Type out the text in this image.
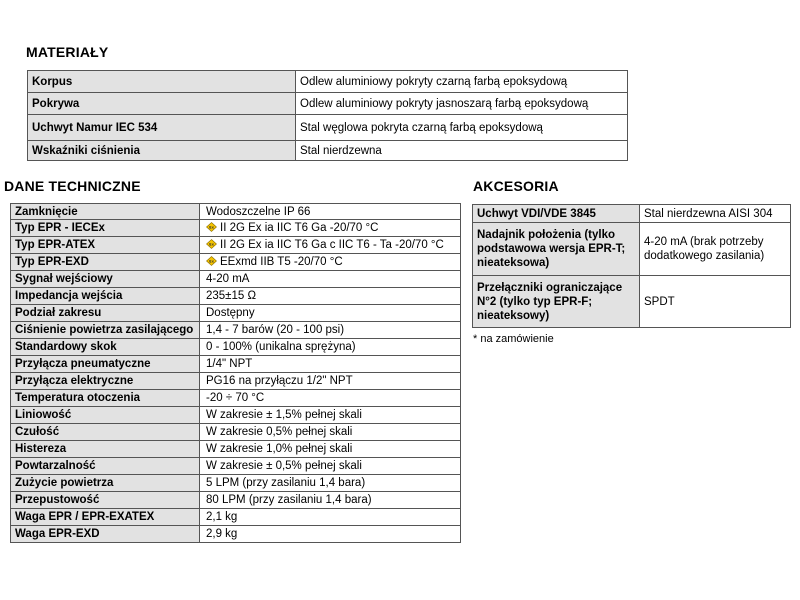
MATERIAŁY
Korpus	Odlew aluminiowy pokryty czarną farbą epoksydową
Pokrywa	Odlew aluminiowy pokryty jasnoszarą farbą epoksydową
Uchwyt Namur IEC 534	Stal węglowa pokryta czarną farbą epoksydową
Wskaźniki ciśnienia	Stal nierdzewna
DANE TECHNICZNE
Zamknięcie	Wodoszczelne IP 66
Typ EPR - IECEx	Ex II 2G Ex ia IIC T6 Ga -20/70 °C
Typ EPR-ATEX	Ex II 2G Ex ia IIC T6 Ga c IIC T6 - Ta -20/70 °C
Typ EPR-EXD	Ex EExmd IIB T5 -20/70 °C
Sygnał wejściowy	4-20 mA
Impedancja wejścia	235±15 Ω
Podział zakresu	Dostępny
Ciśnienie powietrza zasilającego	1,4 - 7 barów (20 - 100 psi)
Standardowy skok	0 - 100% (unikalna sprężyna)
Przyłącza pneumatyczne	1/4" NPT
Przyłącza elektryczne	PG16 na przyłączu 1/2" NPT
Temperatura otoczenia	-20 ÷ 70 °C
Liniowość	W zakresie ± 1,5% pełnej skali
Czułość	W zakresie 0,5% pełnej skali
Histereza	W zakresie 1,0% pełnej skali
Powtarzalność	W zakresie ± 0,5% pełnej skali
Zużycie powietrza	5 LPM (przy zasilaniu 1,4 bara)
Przepustowość	80 LPM (przy zasilaniu 1,4 bara)
Waga EPR / EPR-EXATEX	2,1 kg
Waga EPR-EXD	2,9 kg
AKCESORIA
Uchwyt VDI/VDE 3845	Stal nierdzewna AISI 304
Nadajnik położenia (tylko podstawowa wersja EPR-T; nieateksowa)	4-20 mA (brak potrzeby dodatkowego zasilania)
Przełączniki ograniczające N°2 (tylko typ EPR-F; nieateksowy)	SPDT
* na zamówienie
